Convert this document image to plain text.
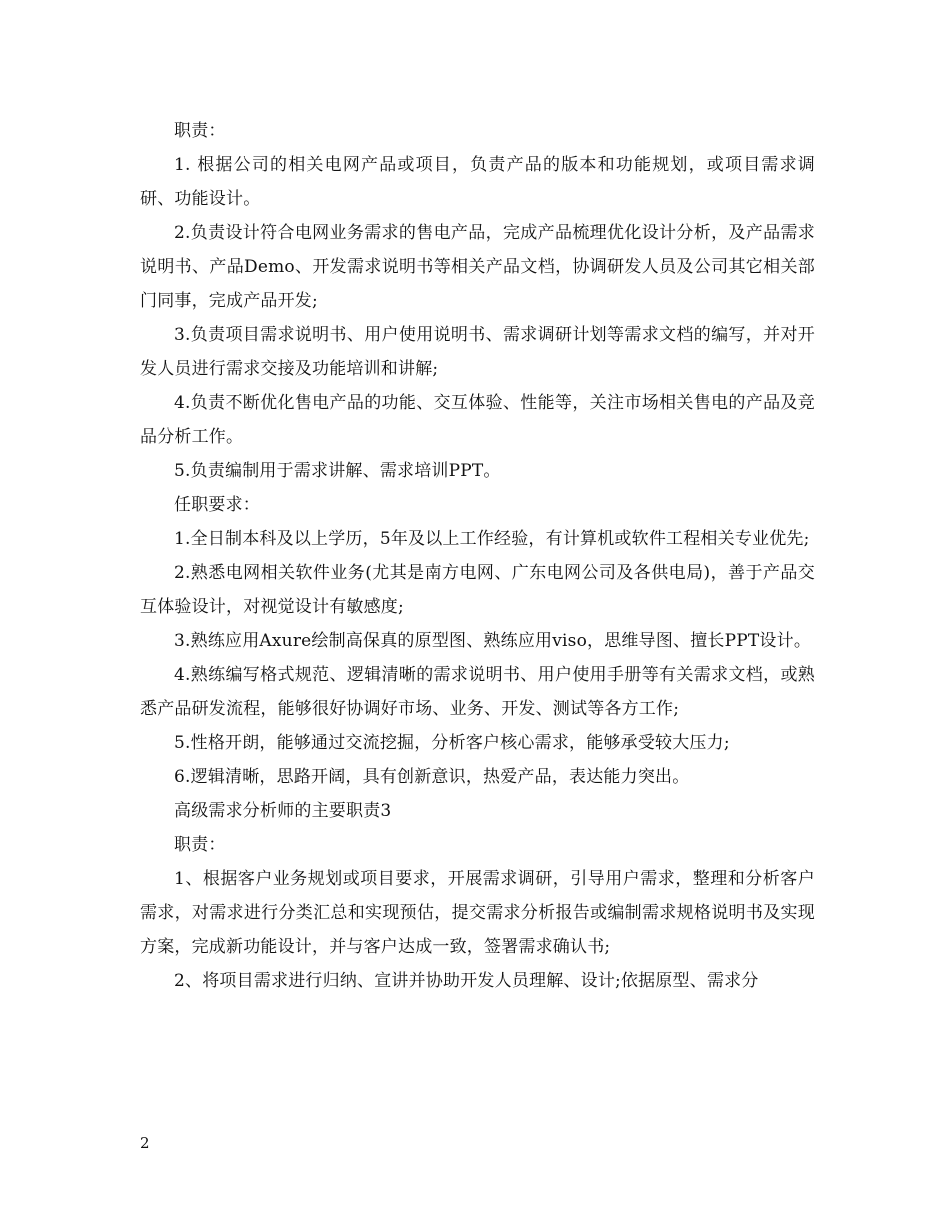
职责：

1. 根据公司的相关电网产品或项目，负责产品的版本和功能规划，或项目需求调研、功能设计。

2.负责设计符合电网业务需求的售电产品，完成产品梳理优化设计分析，及产品需求说明书、产品Demo、开发需求说明书等相关产品文档，协调研发人员及公司其它相关部门同事，完成产品开发;

3.负责项目需求说明书、用户使用说明书、需求调研计划等需求文档的编写，并对开发人员进行需求交接及功能培训和讲解;

4.负责不断优化售电产品的功能、交互体验、性能等，关注市场相关售电的产品及竞品分析工作。

5.负责编制用于需求讲解、需求培训PPT。

任职要求：

1.全日制本科及以上学历，5年及以上工作经验，有计算机或软件工程相关专业优先;

2.熟悉电网相关软件业务(尤其是南方电网、广东电网公司及各供电局)，善于产品交互体验设计，对视觉设计有敏感度;

3.熟练应用Axure绘制高保真的原型图、熟练应用viso，思维导图、擅长PPT设计。

4.熟练编写格式规范、逻辑清晰的需求说明书、用户使用手册等有关需求文档，或熟悉产品研发流程，能够很好协调好市场、业务、开发、测试等各方工作;

5.性格开朗，能够通过交流挖掘，分析客户核心需求，能够承受较大压力;

6.逻辑清晰，思路开阔，具有创新意识，热爱产品，表达能力突出。

高级需求分析师的主要职责3

职责：

1、根据客户业务规划或项目要求，开展需求调研，引导用户需求，整理和分析客户需求，对需求进行分类汇总和实现预估，提交需求分析报告或编制需求规格说明书及实现方案，完成新功能设计，并与客户达成一致，签署需求确认书;

2、将项目需求进行归纳、宣讲并协助开发人员理解、设计;依据原型、需求分

2
